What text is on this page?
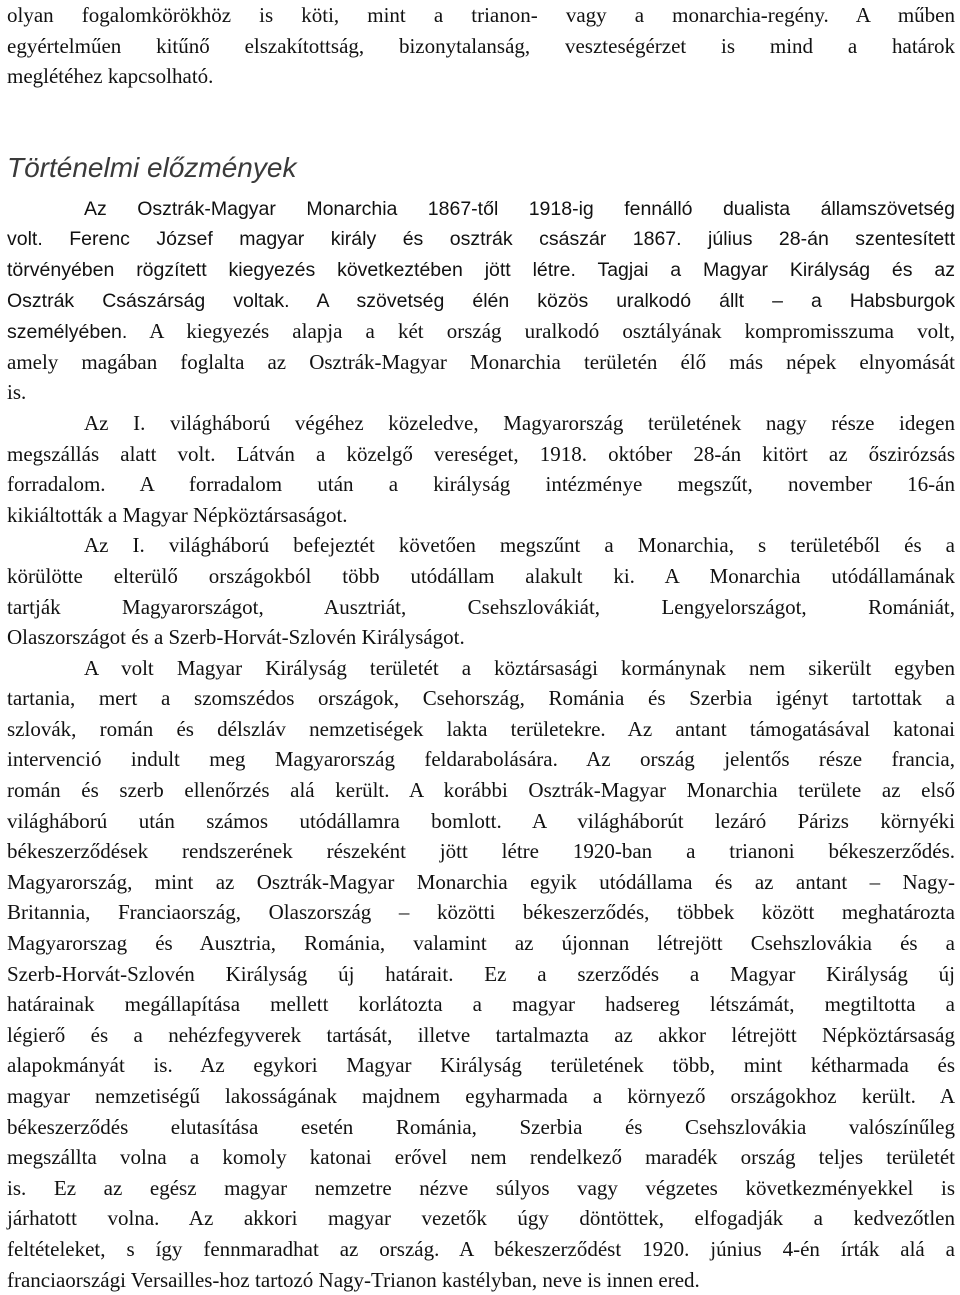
olyan fogalomkörökhöz is köti, mint a trianon- vagy a monarchia-regény. A műben
egyértelműen kitűnő elszakítottság, bizonytalanság, veszteségérzet is mind a határok
meglétéhez kapcsolható.
Történelmi előzmények
Az Osztrák-Magyar Monarchia 1867-től 1918-ig fennálló dualista államszövetség
volt. Ferenc József magyar király és osztrák császár 1867. július 28-án szentesített
törvényében rögzített kiegyezés következtében jött létre. Tagjai a Magyar Királyság és az
Osztrák Császárság voltak. A szövetség élén közös uralkodó állt – a Habsburgok
személyében. A kiegyezés alapja a két ország uralkodó osztályának kompromisszuma volt,
amely magában foglalta az Osztrák-Magyar Monarchia területén élő más népek elnyomását
is.
Az I. világháború végéhez közeledve, Magyarország területének nagy része idegen
megszállás alatt volt. Látván a közelgő vereséget, 1918. október 28-án kitört az őszirózsás
forradalom. A forradalom után a királyság intézménye megszűt, november 16-án
kikiáltották a Magyar Népköztársaságot.
Az I. világháború befejeztét követően megszűnt a Monarchia, s területéből és a
körülötte elterülő országokból több utódállam alakult ki. A Monarchia utódállamának
tartják Magyarországot, Ausztriát, Csehszlovákiát, Lengyelországot, Romániát,
Olaszországot és a Szerb-Horvát-Szlovén Királyságot.
A volt Magyar Királyság területét a köztársasági kormánynak nem sikerült egyben
tartania, mert a szomszédos országok, Csehország, Románia és Szerbia igényt tartottak a
szlovák, román és délszláv nemzetiségek lakta területekre. Az antant támogatásával katonai
intervenció indult meg Magyarország feldarabolására. Az ország jelentős része francia,
román és szerb ellenőrzés alá került. A korábbi Osztrák-Magyar Monarchia területe az első
világháború után számos utódállamra bomlott. A világháborút lezáró Párizs környéki
békeszerződések rendszerének részeként jött létre 1920-ban a trianoni békeszerződés.
Magyarország, mint az Osztrák-Magyar Monarchia egyik utódállama és az antant – Nagy-
Britannia, Franciaország, Olaszország – közötti békeszerződés, többek között meghatározta
Magyarorszag és Ausztria, Románia, valamint az újonnan létrejött Csehszlovákia és a
Szerb-Horvát-Szlovén Királyság új határait. Ez a szerződés a Magyar Királyság új
határainak megállapítása mellett korlátozta a magyar hadsereg létszámát, megtiltotta a
légierő és a nehézfegyverek tartását, illetve tartalmazta az akkor létrejött Népköztársaság
alapokmányát is. Az egykori Magyar Királyság területének több, mint kétharmada és
magyar nemzetiségű lakosságának majdnem egyharmada a környező országokhoz került. A
békeszerződés elutasítása esetén Románia, Szerbia és Csehszlovákia valószínűleg
megszállta volna a komoly katonai erővel nem rendelkező maradék ország teljes területét
is. Ez az egész magyar nemzetre nézve súlyos vagy végzetes következményekkel is
járhatott volna. Az akkori magyar vezetők úgy döntöttek, elfogadják a kedvezőtlen
feltételeket, s így fennmaradhat az ország. A békeszerződést 1920. június 4-én írták alá a
franciaországi Versailles-hoz tartozó Nagy-Trianon kastélyban, neve is innen ered.
